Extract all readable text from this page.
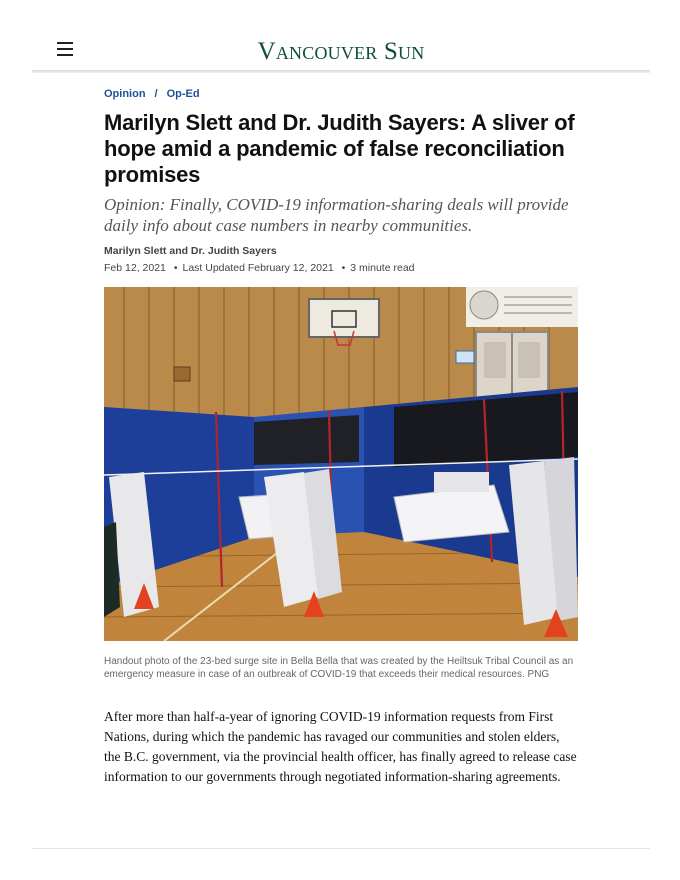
Vancouver Sun
Opinion / Op-Ed
Marilyn Slett and Dr. Judith Sayers: A sliver of hope amid a pandemic of false reconciliation promises

Opinion: Finally, COVID-19 information-sharing deals will provide daily info about case numbers in nearby communities.

Marilyn Slett and Dr. Judith Sayers
Feb 12, 2021 • Last Updated February 12, 2021 • 3 minute read
Handout photo of the 23-bed surge site in Bella Bella that was created by the Heiltsuk Tribal Council as an emergency measure in case of an outbreak of COVID-19 that exceeds their medical resources. PNG
After more than half-a-year of ignoring COVID-19 information requests from First Nations, during which the pandemic has ravaged our communities and stolen elders, the B.C. government, via the provincial health officer, has finally agreed to release case information to our governments through negotiated information-sharing agreements.
